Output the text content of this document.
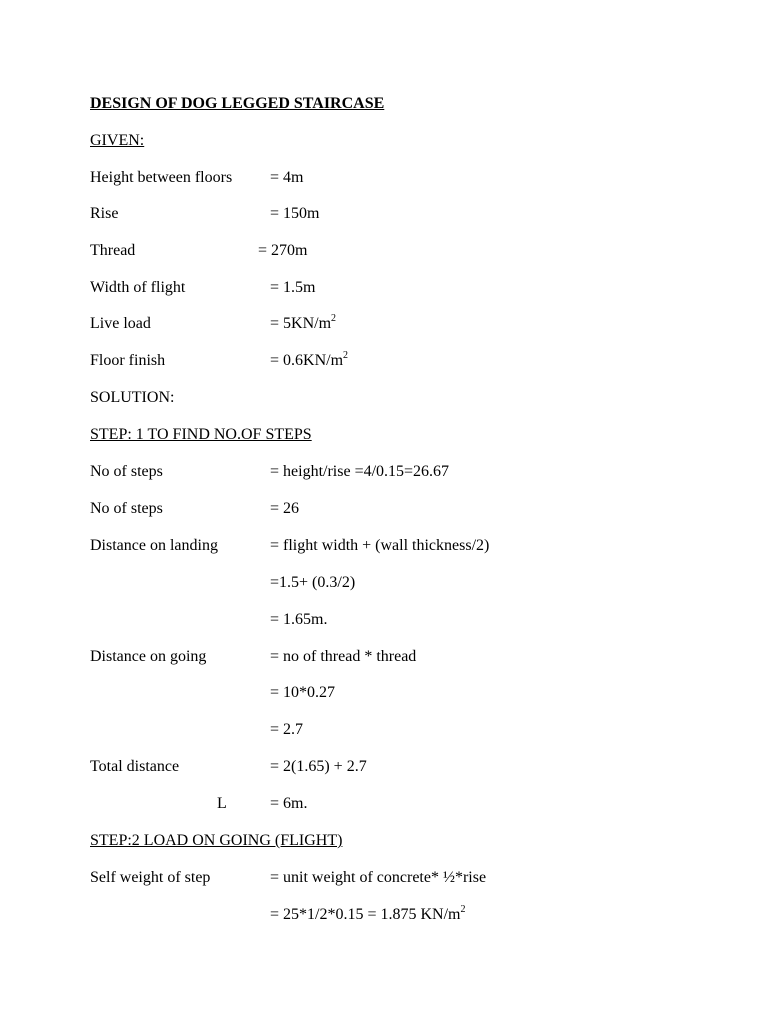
DESIGN OF DOG LEGGED STAIRCASE
GIVEN:
Height between floors = 4m
Rise	= 150m
Thread	= 270m
Width of flight	= 1.5m
Live load	= $5KN/m^2$
Floor finish	= $0.6KN/m^2$
SOLUTION:
STEP: 1 TO FIND NO.OF STEPS
No of steps	= height/rise =4/0.15=26.67
No of steps	= 26
Distance on landing	= flight width + (wall thickness/2)
=1.5+ (0.3/2)
= 1.65m.
Distance on going	= no of thread * thread
= 10*0.27
= 2.7
Total distance	= 2(1.65) + 2.7
L	= 6m.
STEP:2 LOAD ON GOING (FLIGHT)
Self weight of step	= unit weight of concrete* ½*rise
= 25*1/2*0.15 = 1.875 $KN/m^2$
